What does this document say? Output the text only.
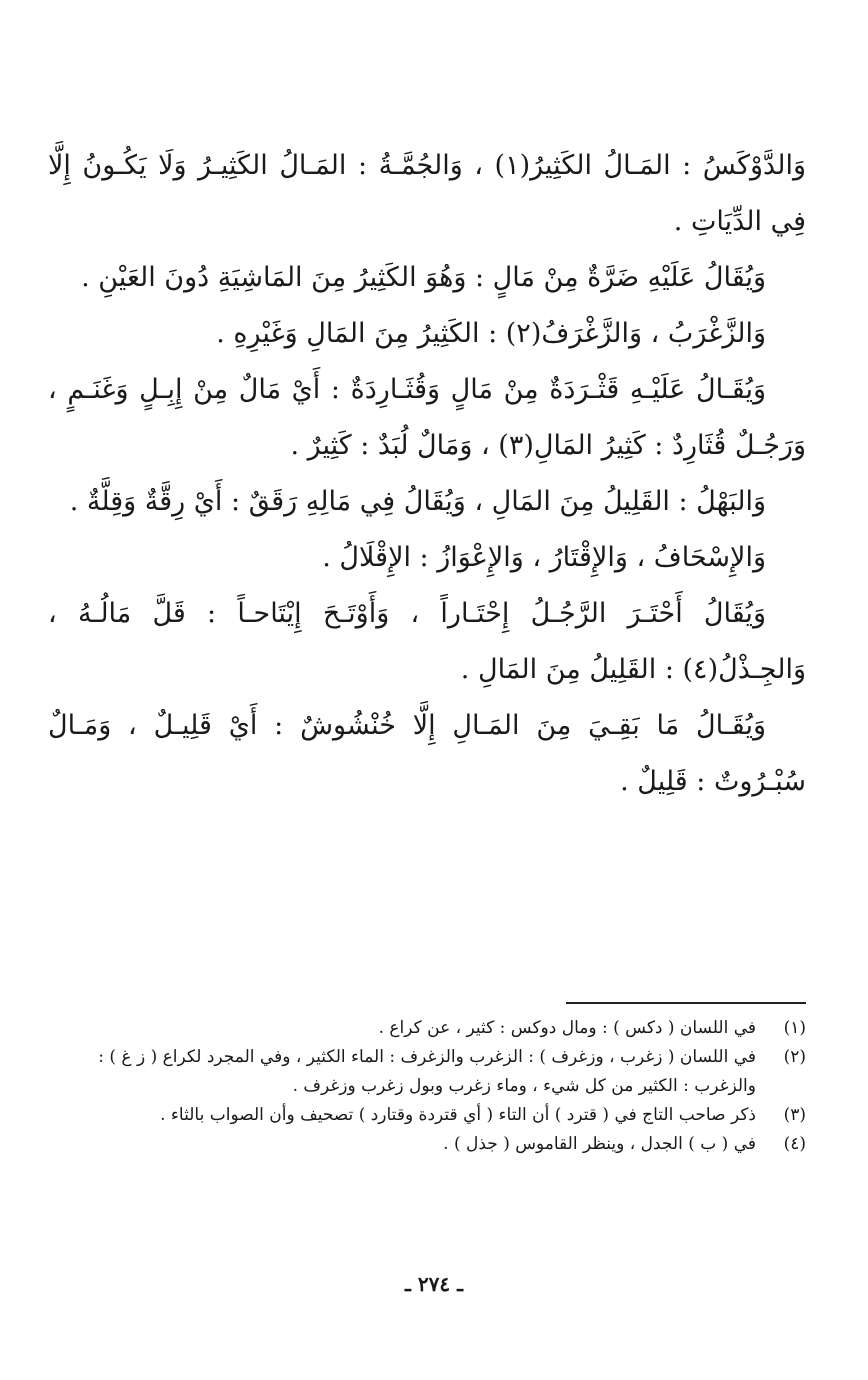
وَالدَّوْكَسُ : المَـالُ الكَثِيرُ(١) ، وَالجُمَّـةُ : المَـالُ الكَثِيـرُ وَلَا يَكُـونُ إِلَّا فِي الدِّيَاتِ .

وَيُقَالُ عَلَيْهِ ضَرَّةٌ مِنْ مَالٍ : وَهُوَ الكَثِيرُ مِنَ المَاشِيَةِ دُونَ العَيْنِ .

وَالزَّغْرَبُ ، وَالزَّغْرَفُ(٢) : الكَثِيرُ مِنَ المَالِ وَغَيْرِهِ .

وَيُقَـالُ عَلَيْـهِ قَثْـرَدَةٌ مِنْ مَالٍ وَقُثَـارِدَةٌ : أَيْ مَالٌ مِنْ إِبِـلٍ وَغَنَـمٍ ، وَرَجُـلٌ قُثَارِدٌ : كَثِيرُ المَالِ(٣) ، وَمَالٌ لُبَدٌ : كَثِيرٌ .

وَالبَهْلُ : القَلِيلُ مِنَ المَالِ ، وَيُقَالُ فِي مَالِهِ رَقَقٌ : أَيْ رِقَّةٌ وَقِلَّةٌ .

وَالإِسْحَافُ ، وَالإِقْتَارُ ، وَالإِعْوَازُ : الإِقْلَالُ .

وَيُقَالُ أَحْتَـرَ الرَّجُـلُ إِحْتَـاراً ، وَأَوْتَـحَ إِيْتَاحـاً : قَلَّ مَالُـهُ ، وَالجِـذْلُ(٤) : القَلِيلُ مِنَ المَالِ .

وَيُقَـالُ مَا بَقِـيَ مِنَ المَـالِ إِلَّا خُنْشُوشٌ : أَيْ قَلِيـلٌ ، وَمَـالٌ سُبْـرُوتٌ : قَلِيلٌ .

(١)
في اللسان ( دكس ) : ومال دوكس : كثير ، عن كراع .
(٢)
في اللسان ( زغرب ، وزغرف ) : الزغرب والزغرف : الماء الكثير ، وفي المجرد لكراع ( ز غ ) : والزغرب : الكثير من كل شيء ، وماء زغرب وبول زغرب وزغرف .
(٣)
ذكر صاحب التاج في ( قترد ) أن التاء ( أي قتردة وقتارد ) تصحيف وأن الصواب بالثاء .
(٤)
في ( ب ) الجدل ، وينظر القاموس ( جذل ) .
ـ ٢٧٤ ـ
